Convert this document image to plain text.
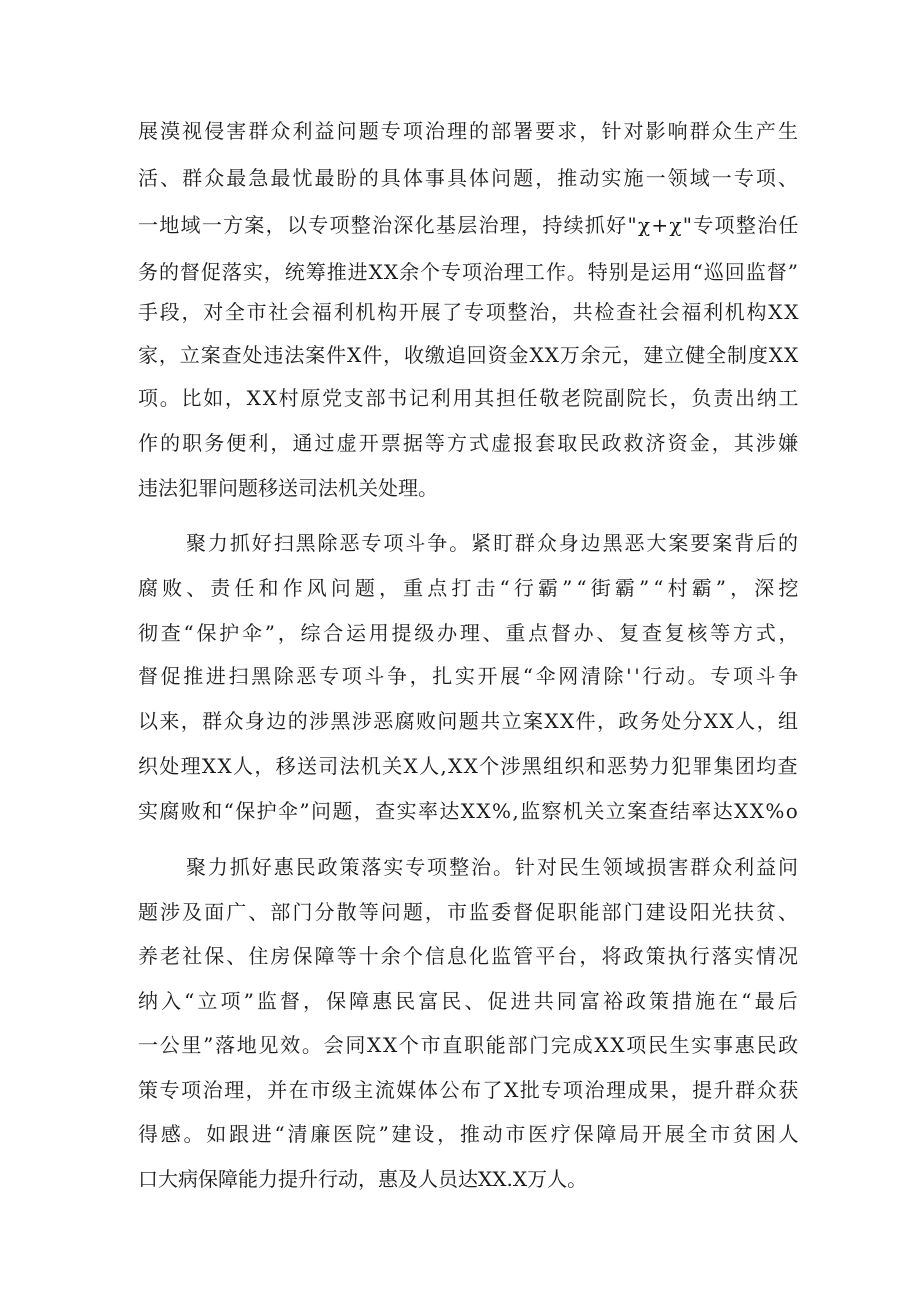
展漠视侵害群众利益问题专项治理的部署要求，针对影响群众生产生
活、群众最急最忧最盼的具体事具体问题，推动实施一领域一专项、
一地域一方案，以专项整治深化基层治理，持续抓好"χ+χ"专项整治任
务的督促落实，统筹推进XX余个专项治理工作。特别是运用“巡回监督”
手段，对全市社会福利机构开展了专项整治，共检查社会福利机构XX
家，立案查处违法案件X件，收缴追回资金XX万余元，建立健全制度XX
项。比如，XX村原党支部书记利用其担任敬老院副院长，负责出纳工
作的职务便利，通过虚开票据等方式虚报套取民政救济资金，其涉嫌
违法犯罪问题移送司法机关处理。
聚力抓好扫黑除恶专项斗争。紧盯群众身边黑恶大案要案背后的
腐败、责任和作风问题，重点打击“行霸”“街霸”“村霸”，深挖
彻查“保护伞”，综合运用提级办理、重点督办、复查复核等方式，
督促推进扫黑除恶专项斗争，扎实开展“伞网清除''行动。专项斗争
以来，群众身边的涉黑涉恶腐败问题共立案XX件，政务处分XX人，组
织处理XX人，移送司法机关X人,XX个涉黑组织和恶势力犯罪集团均查
实腐败和“保护伞”问题，查实率达XX%,监察机关立案查结率达XX%o
聚力抓好惠民政策落实专项整治。针对民生领域损害群众利益问
题涉及面广、部门分散等问题，市监委督促职能部门建设阳光扶贫、
养老社保、住房保障等十余个信息化监管平台，将政策执行落实情况
纳入“立项”监督，保障惠民富民、促进共同富裕政策措施在“最后
一公里”落地见效。会同XX个市直职能部门完成XX项民生实事惠民政
策专项治理，并在市级主流媒体公布了X批专项治理成果，提升群众获
得感。如跟进“清廉医院”建设，推动市医疗保障局开展全市贫困人
口大病保障能力提升行动，惠及人员达XX.X万人。
